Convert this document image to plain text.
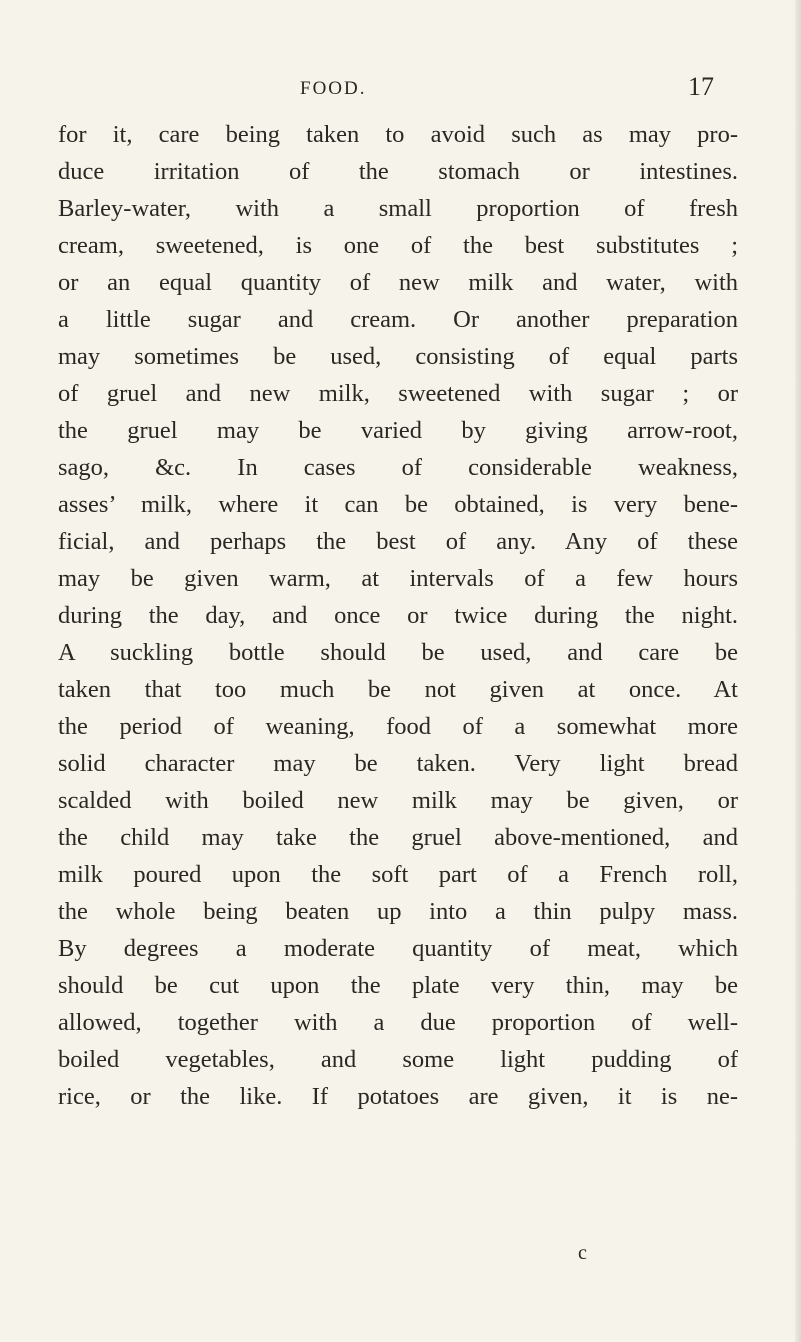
FOOD.	17
for it, care being taken to avoid such as may pro-
duce irritation of the stomach or intestines.
Barley-water, with a small proportion of fresh
cream, sweetened, is one of the best substitutes ;
or an equal quantity of new milk and water, with
a little sugar and cream. Or another preparation
may sometimes be used, consisting of equal parts
of gruel and new milk, sweetened with sugar ; or
the gruel may be varied by giving arrow-root,
sago, &c. In cases of considerable weakness,
asses’ milk, where it can be obtained, is very bene-
ficial, and perhaps the best of any. Any of these
may be given warm, at intervals of a few hours
during the day, and once or twice during the night.
A suckling bottle should be used, and care be
taken that too much be not given at once. At
the period of weaning, food of a somewhat more
solid character may be taken. Very light bread
scalded with boiled new milk may be given, or
the child may take the gruel above-mentioned, and
milk poured upon the soft part of a French roll,
the whole being beaten up into a thin pulpy mass.
By degrees a moderate quantity of meat, which
should be cut upon the plate very thin, may be
allowed, together with a due proportion of well-
boiled vegetables, and some light pudding of
rice, or the like. If potatoes are given, it is ne-
c
